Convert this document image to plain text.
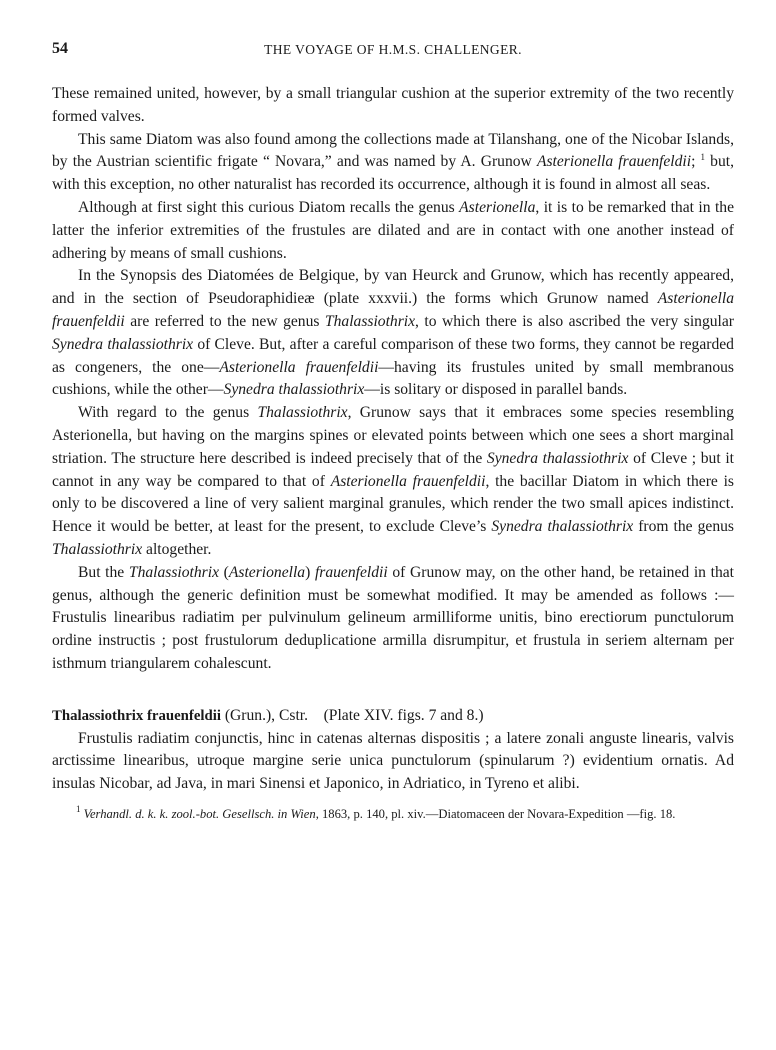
54	THE VOYAGE OF H.M.S. CHALLENGER.

These remained united, however, by a small triangular cushion at the superior extremity of the two recently formed valves.

This same Diatom was also found among the collections made at Tilanshang, one of the Nicobar Islands, by the Austrian scientific frigate “ Novara,” and was named by A. Grunow Asterionella frauenfeldii; $^1$ but, with this exception, no other naturalist has recorded its occurrence, although it is found in almost all seas.

Although at first sight this curious Diatom recalls the genus Asterionella, it is to be remarked that in the latter the inferior extremities of the frustules are dilated and are in contact with one another instead of adhering by means of small cushions.

In the Synopsis des Diatomées de Belgique, by van Heurck and Grunow, which has recently appeared, and in the section of Pseudoraphidieæ (plate xxxvii.) the forms which Grunow named Asterionella frauenfeldii are referred to the new genus Thalassiothrix, to which there is also ascribed the very singular Synedra thalassiothrix of Cleve. But, after a careful comparison of these two forms, they cannot be regarded as congeners, the one—Asterionella frauenfeldii—having its frustules united by small membranous cushions, while the other—Synedra thalassiothrix—is solitary or disposed in parallel bands.

With regard to the genus Thalassiothrix, Grunow says that it embraces some species resembling Asterionella, but having on the margins spines or elevated points between which one sees a short marginal striation. The structure here described is indeed precisely that of the Synedra thalassiothrix of Cleve ; but it cannot in any way be compared to that of Asterionella frauenfeldii, the bacillar Diatom in which there is only to be discovered a line of very salient marginal granules, which render the two small apices indistinct. Hence it would be better, at least for the present, to exclude Cleve’s Synedra thalassiothrix from the genus Thalassiothrix altogether.

But the Thalassiothrix (Asterionella) frauenfeldii of Grunow may, on the other hand, be retained in that genus, although the generic definition must be somewhat modified. It may be amended as follows :—Frustulis linearibus radiatim per pulvinulum gelineum armilliforme unitis, bino erectiorum punctulorum ordine instructis ; post frustulorum deduplicatione armilla disrumpitur, et frustula in seriem alternam per isthmum triangularem cohalescunt.

Thalassiothrix frauenfeldii (Grun.), Cstr. (Plate XIV. figs. 7 and 8.)

Frustulis radiatim conjunctis, hinc in catenas alternas dispositis ; a latere zonali anguste linearis, valvis arctissime linearibus, utroque margine serie unica punctulorum (spinularum ?) evidentium ornatis. Ad insulas Nicobar, ad Java, in mari Sinensi et Japonico, in Adriatico, in Tyreno et alibi.

$^1$ Verhandl. d. k. k. zool.-bot. Gesellsch. in Wien, 1863, p. 140, pl. xiv.—Diatomaceen der Novara-Expedition —fig. 18.
